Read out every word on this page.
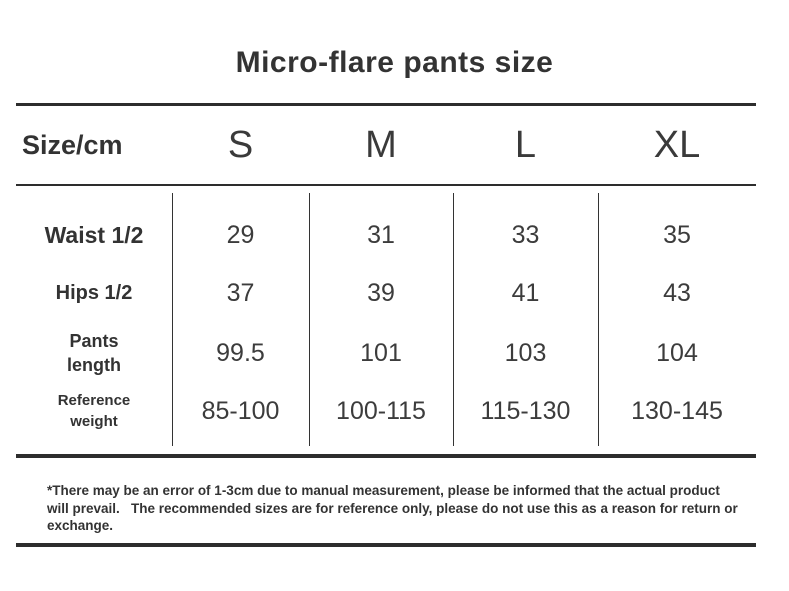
Micro-flare pants size
Size/cm	S	M	L	XL
Waist 1/2	29	31	33	35
Hips 1/2	37	39	41	43
Pants
length	99.5	101	103	104
Reference
weight	85-100	100-115	115-130	130-145
*There may be an error of 1-3cm due to manual measurement, please be informed that the actual product
will prevail.   The recommended sizes are for reference only, please do not use this as a reason for return or
exchange.
